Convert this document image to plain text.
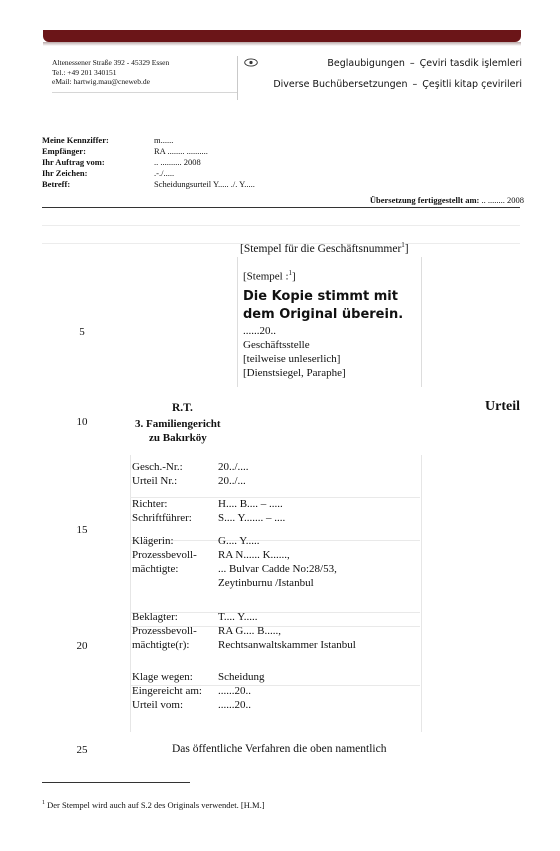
Altenessener Straße 392 - 45329 Essen
Tel.: +49 201 340151
eMail: hartwig.mau@cneweb.de
Beglaubigungen – Çeviri tasdik işlemleri
Diverse Buchübersetzungen – Çeşitli kitap çevirileri
Meine Kennziffer:	m......
Empfänger:	RA ........ ..........
Ihr Auftrag vom:	.. .......... 2008
Ihr Zeichen:	.-./.....
Betreff:	Scheidungsurteil Y..... ./. Y.....
Übersetzung fertiggestellt am: .. ........ 2008
[Stempel für die Geschäftsnummer$^1$]
[Stempel :$^1$]
Die Kopie stimmt mit
dem Original überein.
......20..
Geschäftsstelle
[teilweise unleserlich]
[Dienstsiegel, Paraphe]
5
10
15
20
25
R.T.	Urteil
3. Familiengericht
zu Bakırköy
Gesch.-Nr.:	20../....
Urteil Nr.:	20../...
Richter:	H.... B.... – .....
Schriftführer:	S.... Y....... – ....
Klägerin:	G.... Y.....
Prozessbevoll-
mächtigte:
RA N...... K......,
... Bulvar Cadde No:28/53,
Zeytinburnu /Istanbul
Beklagter:	T.... Y.....
Prozessbevoll-
mächtigte(r):
RA G.... B.....,
Rechtsanwaltskammer Istanbul
Klage wegen:	Scheidung
Eingereicht am:	......20..
Urteil vom:	......20..
Das öffentliche Verfahren die oben namentlich
$^1$ Der Stempel wird auch auf S.2 des Originals verwendet. [H.M.]
